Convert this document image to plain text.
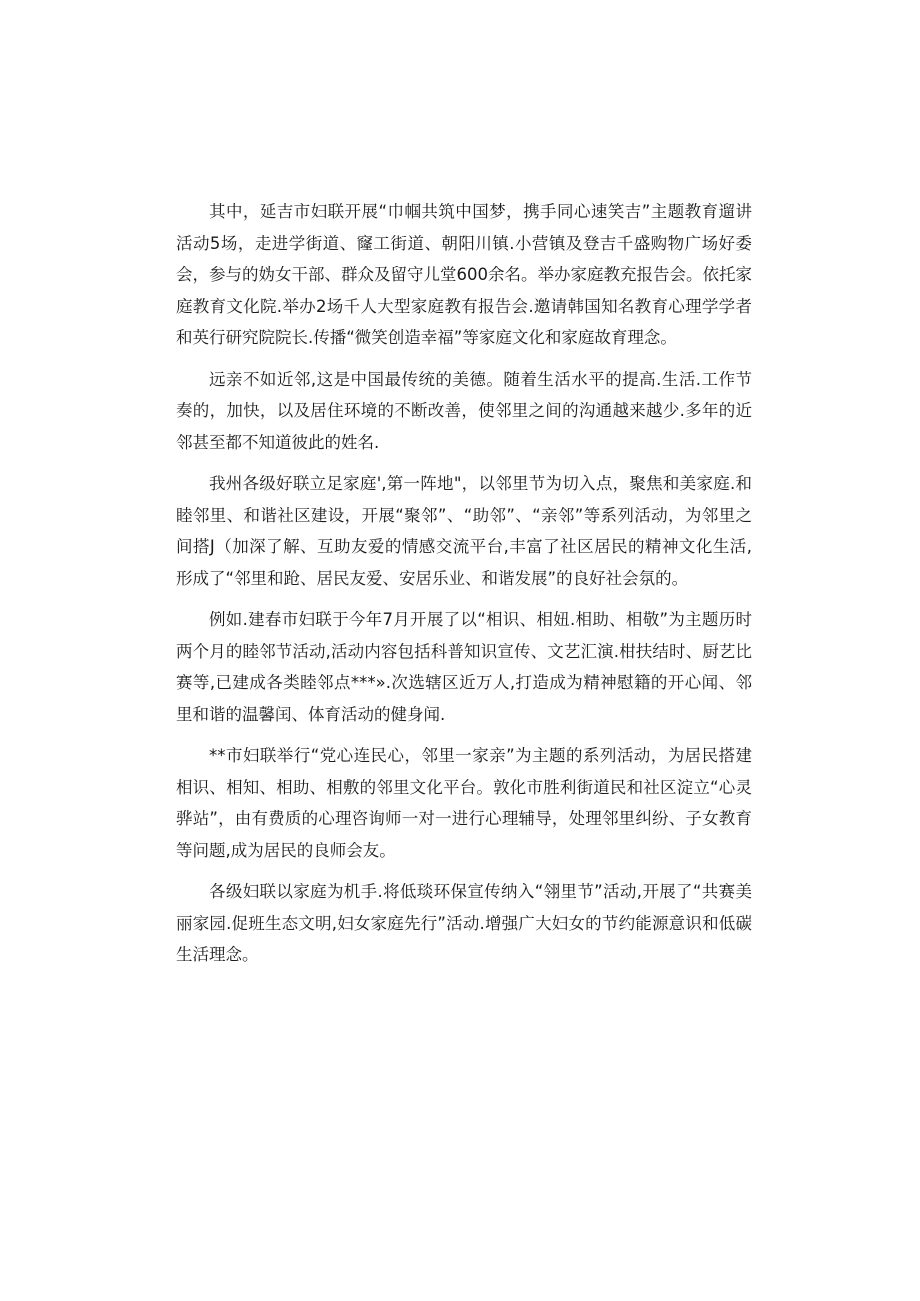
其中，延吉市妇联开展“巾帼共筑中国梦，携手同心速笑吉”主题教育遛讲活动5场，走进学街道、窿工街道、朝阳川镇.小营镇及登吉千盛购物广场好委会，参与的妫女干部、群众及留守儿堂600余名。举办家庭教充报告会。依托家庭教育文化院.举办2场千人大型家庭教有报告会.邀请韩国知名教育心理学学者和英行研究院院长.传播“微笑创造幸福”等家庭文化和家庭故育理念。

远亲不如近邻,这是中国最传统的美德。随着生活水平的提高.生活.工作节奏的，加快，以及居住环境的不断改善，使邻里之间的沟通越来越少.多年的近邻甚至都不知道彼此的姓名.

我州各级好联立足家庭',第一阵地"，以邻里节为切入点，聚焦和美家庭.和睦邻里、和谐社区建设，开展“聚邻”、“助邻”、“亲邻”等系列活动，为邻里之间搭J（加深了解、互助友爱的情感交流平台,丰富了社区居民的精神文化生活,形成了“邻里和跄、居民友爱、安居乐业、和谐发展”的良好社会氛的。

例如.建春市妇联于今年7月开展了以“相识、相妞.相助、相敬”为主题历时两个月的睦邻节活动,活动内容包括科普知识宣传、文艺汇演.柑扶结时、厨艺比赛等,已建成各类睦邻点***».次选辖区近万人,打造成为精神慰籍的开心闻、邻里和谐的温馨闰、体育活动的健身闻.

**市妇联举行“党心连民心，邻里一家亲”为主题的系列活动，为居民搭建相识、相知、相助、相敷的邻里文化平台。敦化市胜利街道民和社区淀立“心灵骅站”，由有费质的心理咨询师一对一进行心理辅导，处理邻里纠纷、子女教育等问题,成为居民的良师会友。

各级妇联以家庭为机手.将低琰环保宣传纳入“翎里节”活动,开展了“共赛美丽家园.促班生态文明,妇女家庭先行”活动.增强广大妇女的节约能源意识和低碳生活理念。
